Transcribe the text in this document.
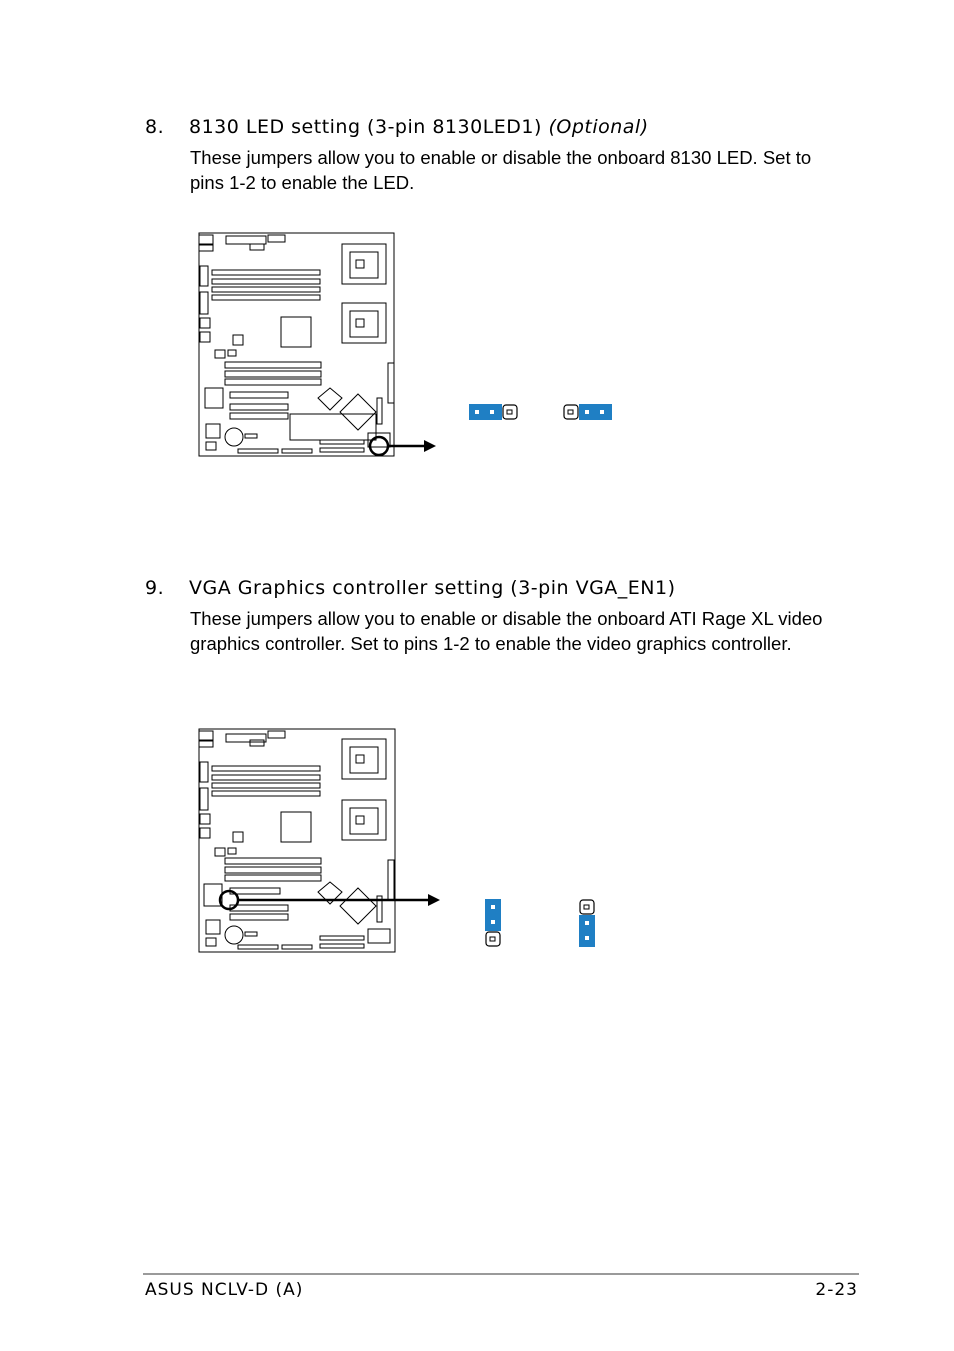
8. 8130 LED setting (3-pin 8130LED1) (Optional)
These jumpers allow you to enable or disable the onboard 8130 LED. Set to pins 1-2 to enable the LED.
9. VGA Graphics controller setting (3-pin VGA_EN1)
These jumpers allow you to enable or disable the onboard ATI Rage XL video graphics controller. Set to pins 1-2 to enable the video graphics controller.
ASUS NCLV-D (A)	2-23
